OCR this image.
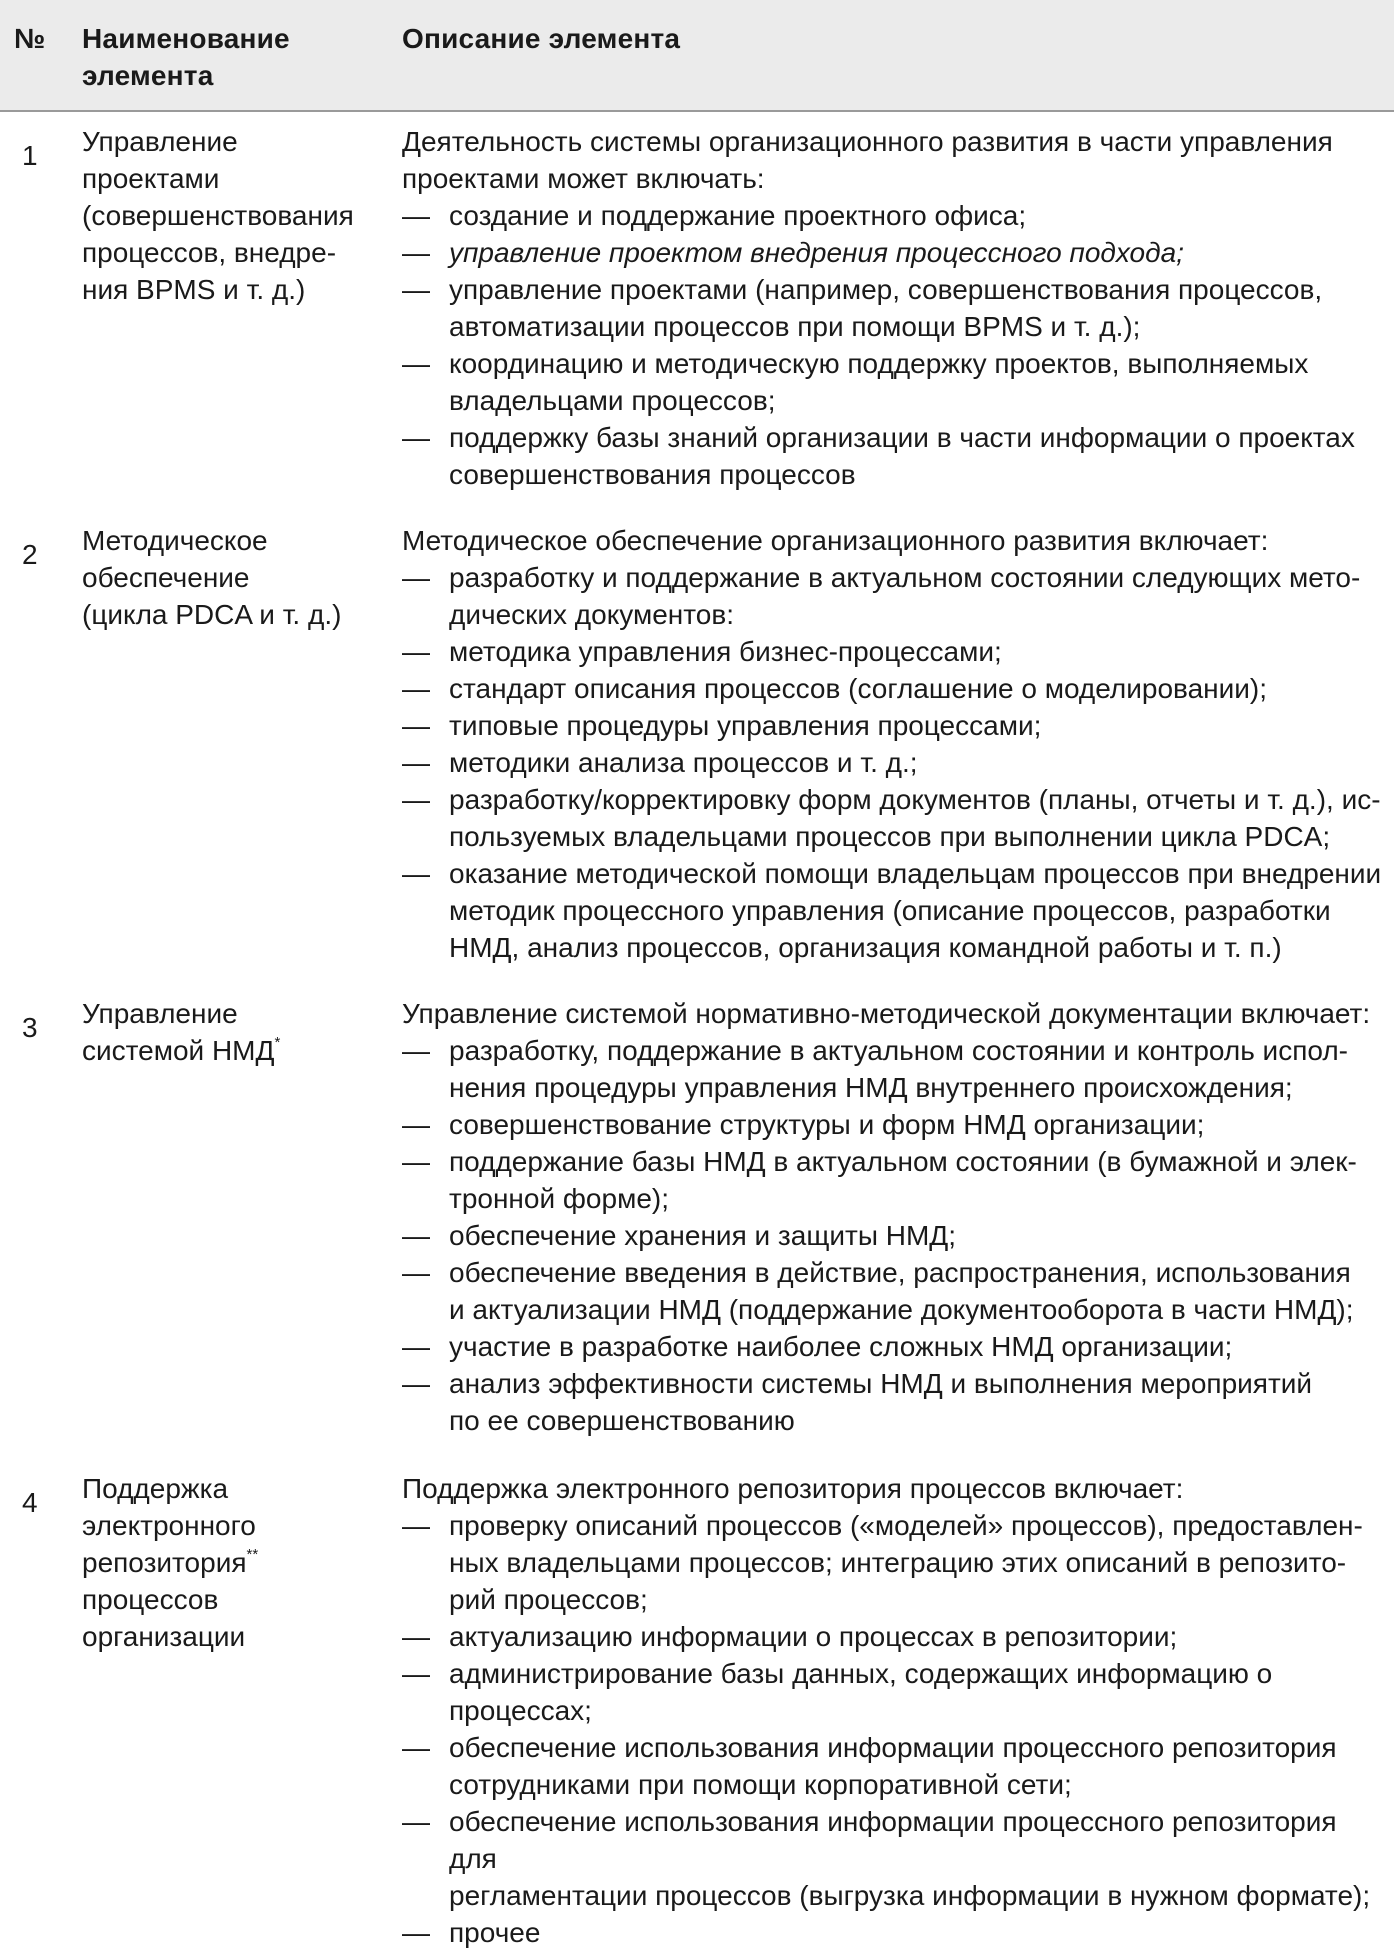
№ Наименование
элемента
Описание элемента
1 Управление
проектами
(совершенствования
процессов, внедре-
ния BPMS и т. д.)
Деятельность системы организационного развития в части управления
проектами может включать:
— создание и поддержание проектного офиса;
— управление проектом внедрения процессного подхода;
— управление проектами (например, совершенствования процессов,
автоматизации процессов при помощи BPMS и т. д.);
— координацию и методическую поддержку проектов, выполняемых
владельцами процессов;
— поддержку базы знаний организации в части информации о проектах
совершенствования процессов
2 Методическое
обеспечение
(цикла PDCA и т. д.)
Методическое обеспечение организационного развития включает:
— разработку и поддержание в актуальном состоянии следующих мето-
дических документов:
— методика управления бизнес-процессами;
— стандарт описания процессов (соглашение о моделировании);
— типовые процедуры управления процессами;
— методики анализа процессов и т. д.;
— разработку/корректировку форм документов (планы, отчеты и т. д.), ис-
пользуемых владельцами процессов при выполнении цикла PDCA;
— оказание методической помощи владельцам процессов при внедрении
методик процессного управления (описание процессов, разработки
НМД, анализ процессов, организация командной работы и т. п.)
3 Управление
системой НМД*
Управление системой нормативно-методической документации включает:
— разработку, поддержание в актуальном состоянии и контроль испол-
нения процедуры управления НМД внутреннего происхождения;
— совершенствование структуры и форм НМД организации;
— поддержание базы НМД в актуальном состоянии (в бумажной и элек-
тронной форме);
— обеспечение хранения и защиты НМД;
— обеспечение введения в действие, распространения, использования
и актуализации НМД (поддержание документооборота в части НМД);
— участие в разработке наиболее сложных НМД организации;
— анализ эффективности системы НМД и выполнения мероприятий
по ее совершенствованию
4 Поддержка
электронного
репозитория**
процессов
организации
Поддержка электронного репозитория процессов включает:
— проверку описаний процессов («моделей» процессов), предоставлен-
ных владельцами процессов; интеграцию этих описаний в репозито-
рий процессов;
— актуализацию информации о процессах в репозитории;
— администрирование базы данных, содержащих информацию о процессах;
— обеспечение использования информации процессного репозитория
сотрудниками при помощи корпоративной сети;
— обеспечение использования информации процессного репозитория для
регламентации процессов (выгрузка информации в нужном формате);
— прочее
